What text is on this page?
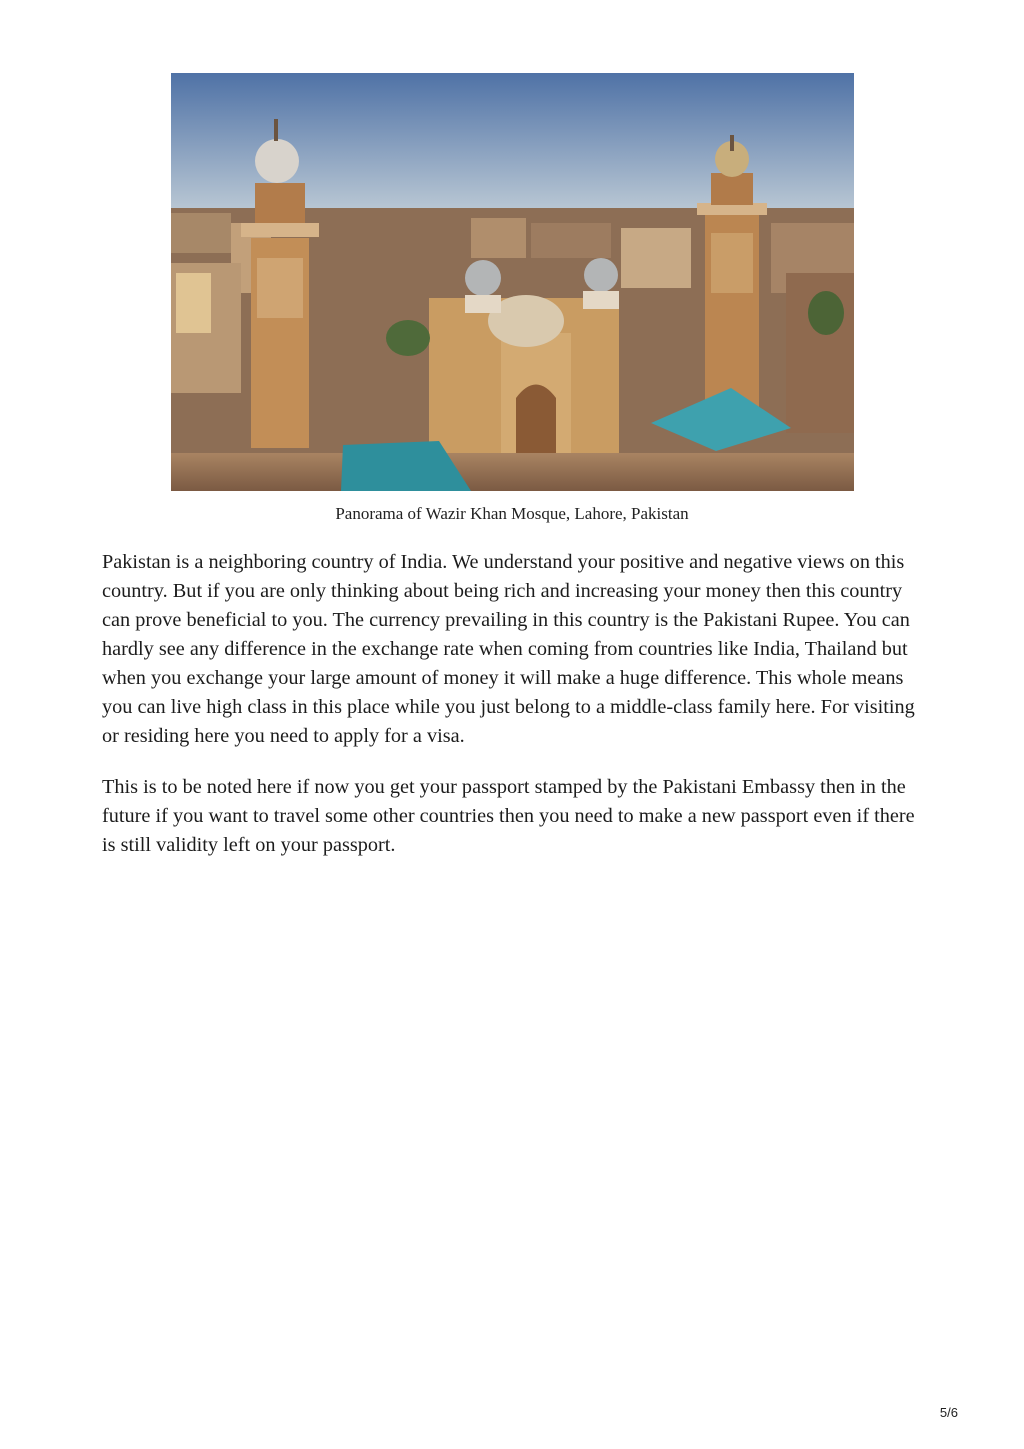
Panorama of Wazir Khan Mosque, Lahore, Pakistan

Pakistan is a neighboring country of India. We understand your positive and negative views on this country. But if you are only thinking about being rich and increasing your money then this country can prove beneficial to you. The currency prevailing in this country is the Pakistani Rupee. You can hardly see any difference in the exchange rate when coming from countries like India, Thailand but when you exchange your large amount of money it will make a huge difference. This whole means you can live high class in this place while you just belong to a middle-class family here. For visiting or residing here you need to apply for a visa.

This is to be noted here if now you get your passport stamped by the Pakistani Embassy then in the future if you want to travel some other countries then you need to make a new passport even if there is still validity left on your passport.

5/6
